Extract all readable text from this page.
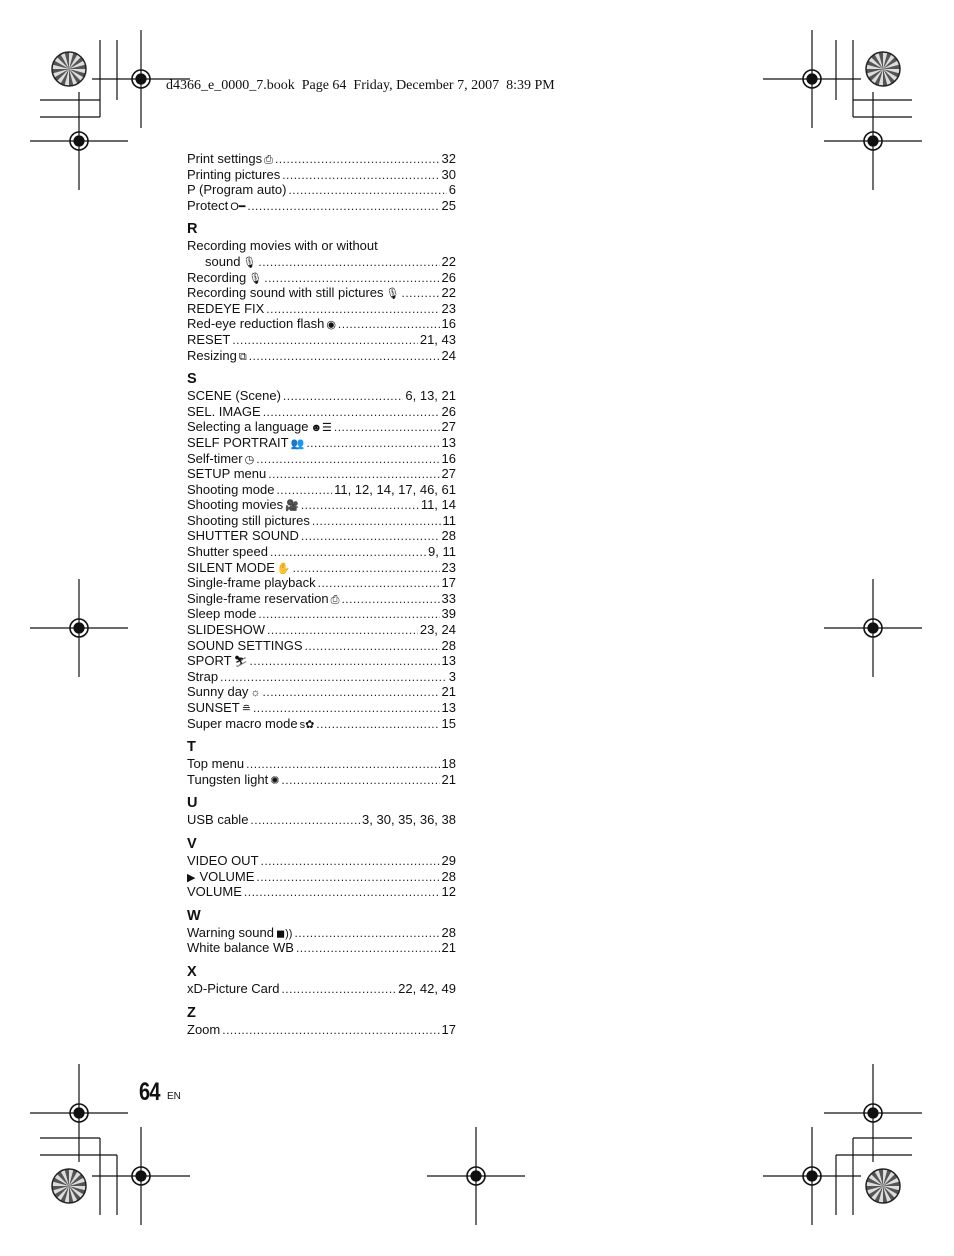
d4366_e_0000_7.book  Page 64  Friday, December 7, 2007  8:39 PM
Print settings ⎙ .....	32
Printing pictures .....	30
P (Program auto) .....	6
Protect O━ .....	25
R
Recording movies with or without
sound 🎙 .....	22
Recording 🎙 .....	26
Recording sound with still pictures 🎙 .....	22
REDEYE FIX .....	23
Red-eye reduction flash ◉ .....	16
RESET .....	21, 43
Resizing ⧉ .....	24
S
SCENE (Scene) .....	6, 13, 21
SEL. IMAGE .....	26
Selecting a language ☻☰ .....	27
SELF PORTRAIT 👥 .....	13
Self-timer ◷ .....	16
SETUP menu .....	27
Shooting mode .....	11, 12, 14, 17, 46, 61
Shooting movies 🎥 .....	11, 14
Shooting still pictures .....	11
SHUTTER SOUND .....	28
Shutter speed .....	9, 11
SILENT MODE ✋ .....	23
Single-frame playback .....	17
Single-frame reservation ⎙ .....	33
Sleep mode .....	39
SLIDESHOW .....	23, 24
SOUND SETTINGS .....	28
SPORT ⛷ .....	13
Strap .....	3
Sunny day ☼ .....	21
SUNSET ≘ .....	13
Super macro mode s✿ .....	15
T
Top menu .....	18
Tungsten light ✺ .....	21
U
USB cable .....	3, 30, 35, 36, 38
V
VIDEO OUT .....	29
▶ VOLUME .....	28
VOLUME .....	12
W
Warning sound ◼)) .....	28
White balance WB .....	21
X
xD-Picture Card .....	22, 42, 49
Z
Zoom .....	17
64 EN
